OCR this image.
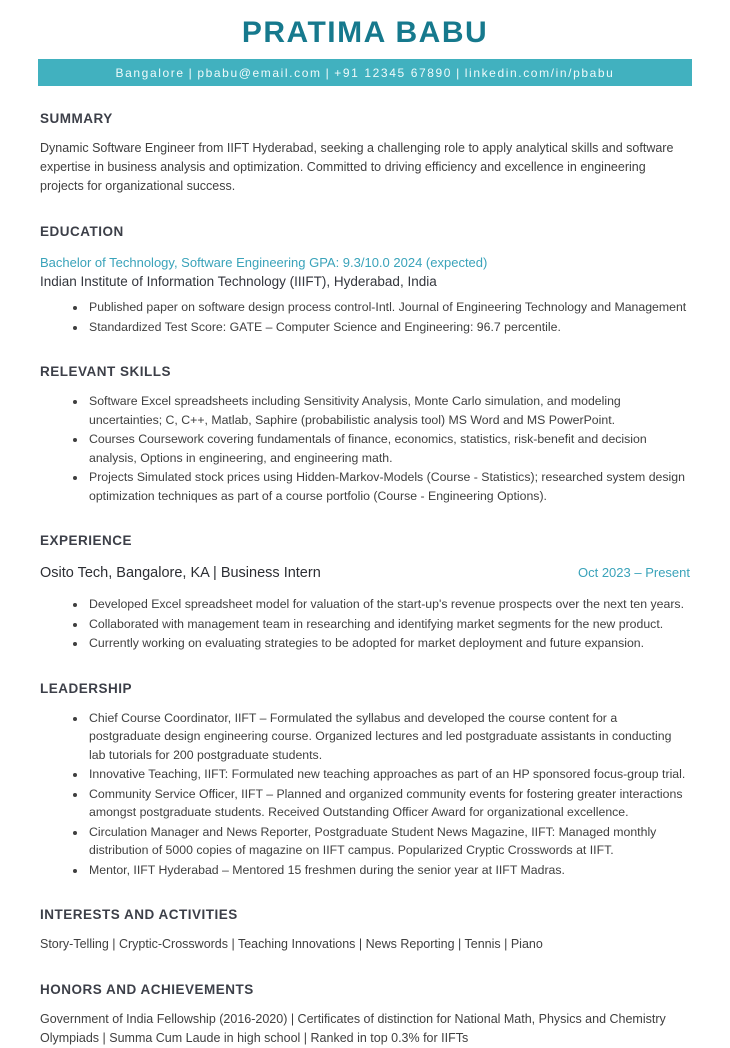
PRATIMA BABU
Bangalore | pbabu@email.com | +91 12345 67890 | linkedin.com/in/pbabu
SUMMARY

Dynamic Software Engineer from IIFT Hyderabad, seeking a challenging role to apply analytical skills and software expertise in business analysis and optimization. Committed to driving efficiency and excellence in engineering projects for organizational success.

EDUCATION
Bachelor of Technology, Software Engineering GPA: 9.3/10.0 2024 (expected)
Indian Institute of Information Technology (IIIFT), Hyderabad, India
• Published paper on software design process control-Intl. Journal of Engineering Technology and Management
• Standardized Test Score: GATE – Computer Science and Engineering: 96.7 percentile.
RELEVANT SKILLS
• Software Excel spreadsheets including Sensitivity Analysis, Monte Carlo simulation, and modeling uncertainties; C, C++, Matlab, Saphire (probabilistic analysis tool) MS Word and MS PowerPoint.
• Courses Coursework covering fundamentals of finance, economics, statistics, risk-benefit and decision analysis, Options in engineering, and engineering math.
• Projects Simulated stock prices using Hidden-Markov-Models (Course - Statistics); researched system design optimization techniques as part of a course portfolio (Course - Engineering Options).
EXPERIENCE
Osito Tech, Bangalore, KA | Business Intern	Oct 2023 – Present
• Developed Excel spreadsheet model for valuation of the start-up's revenue prospects over the next ten years.
• Collaborated with management team in researching and identifying market segments for the new product.
• Currently working on evaluating strategies to be adopted for market deployment and future expansion.
LEADERSHIP
• Chief Course Coordinator, IIFT – Formulated the syllabus and developed the course content for a postgraduate design engineering course. Organized lectures and led postgraduate assistants in conducting lab tutorials for 200 postgraduate students.
• Innovative Teaching, IIFT: Formulated new teaching approaches as part of an HP sponsored focus-group trial.
• Community Service Officer, IIFT – Planned and organized community events for fostering greater interactions amongst postgraduate students. Received Outstanding Officer Award for organizational excellence.
• Circulation Manager and News Reporter, Postgraduate Student News Magazine, IIFT: Managed monthly distribution of 5000 copies of magazine on IIFT campus. Popularized Cryptic Crosswords at IIFT.
• Mentor, IIFT Hyderabad – Mentored 15 freshmen during the senior year at IIFT Madras.
INTERESTS AND ACTIVITIES

Story-Telling | Cryptic-Crosswords | Teaching Innovations | News Reporting | Tennis | Piano

HONORS AND ACHIEVEMENTS

Government of India Fellowship (2016-2020) | Certificates of distinction for National Math, Physics and Chemistry Olympiads | Summa Cum Laude in high school | Ranked in top 0.3% for IIFTs
